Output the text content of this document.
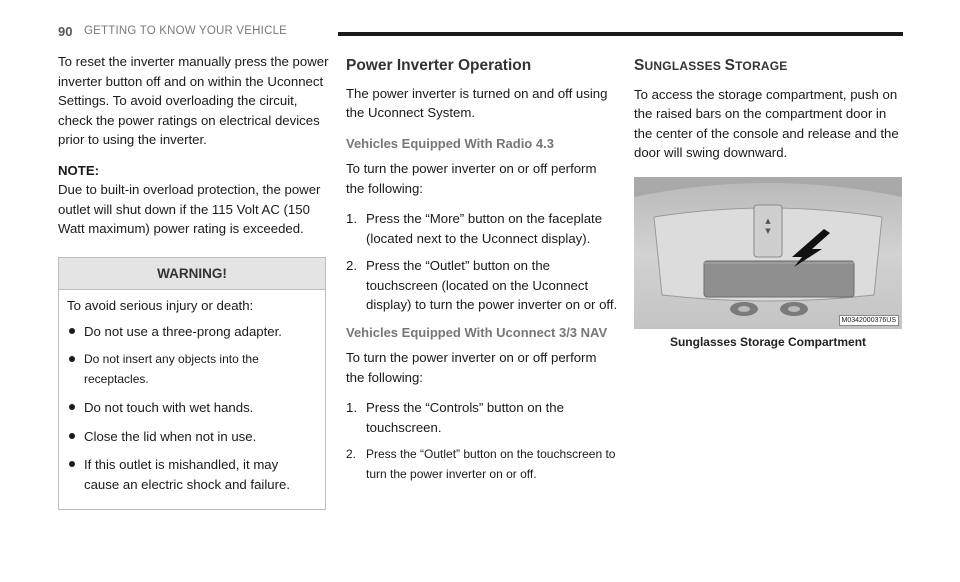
90 GETTING TO KNOW YOUR VEHICLE

To reset the inverter manually press the power inverter button off and on within the Uconnect Settings. To avoid overloading the circuit, check the power ratings on electrical devices prior to using the inverter.

NOTE:

Due to built-in overload protection, the power outlet will shut down if the 115 Volt AC (150 Watt maximum) power rating is exceeded.

WARNING!

To avoid serious injury or death:

Do not use a three-prong adapter.
Do not insert any objects into the receptacles.
Do not touch with wet hands.
Close the lid when not in use.
If this outlet is mishandled, it may cause an electric shock and failure.
Power Inverter Operation

The power inverter is turned on and off using the Uconnect System.

Vehicles Equipped With Radio 4.3

To turn the power inverter on or off perform the following:

1. Press the “More” button on the faceplate (located next to the Uconnect display).
2. Press the “Outlet” button on the touchscreen (located on the Uconnect display) to turn the power inverter on or off.
Vehicles Equipped With Uconnect 3/3 NAV

To turn the power inverter on or off perform the following:

1. Press the “Controls” button on the touchscreen.
2. Press the “Outlet” button on the touchscreen to turn the power inverter on or off.
SUNGLASSES STORAGE

To access the storage compartment, push on the raised bars on the compartment door in the center of the console and release and the door will swing downward.

▲
▼
M0342000376US
Sunglasses Storage Compartment
